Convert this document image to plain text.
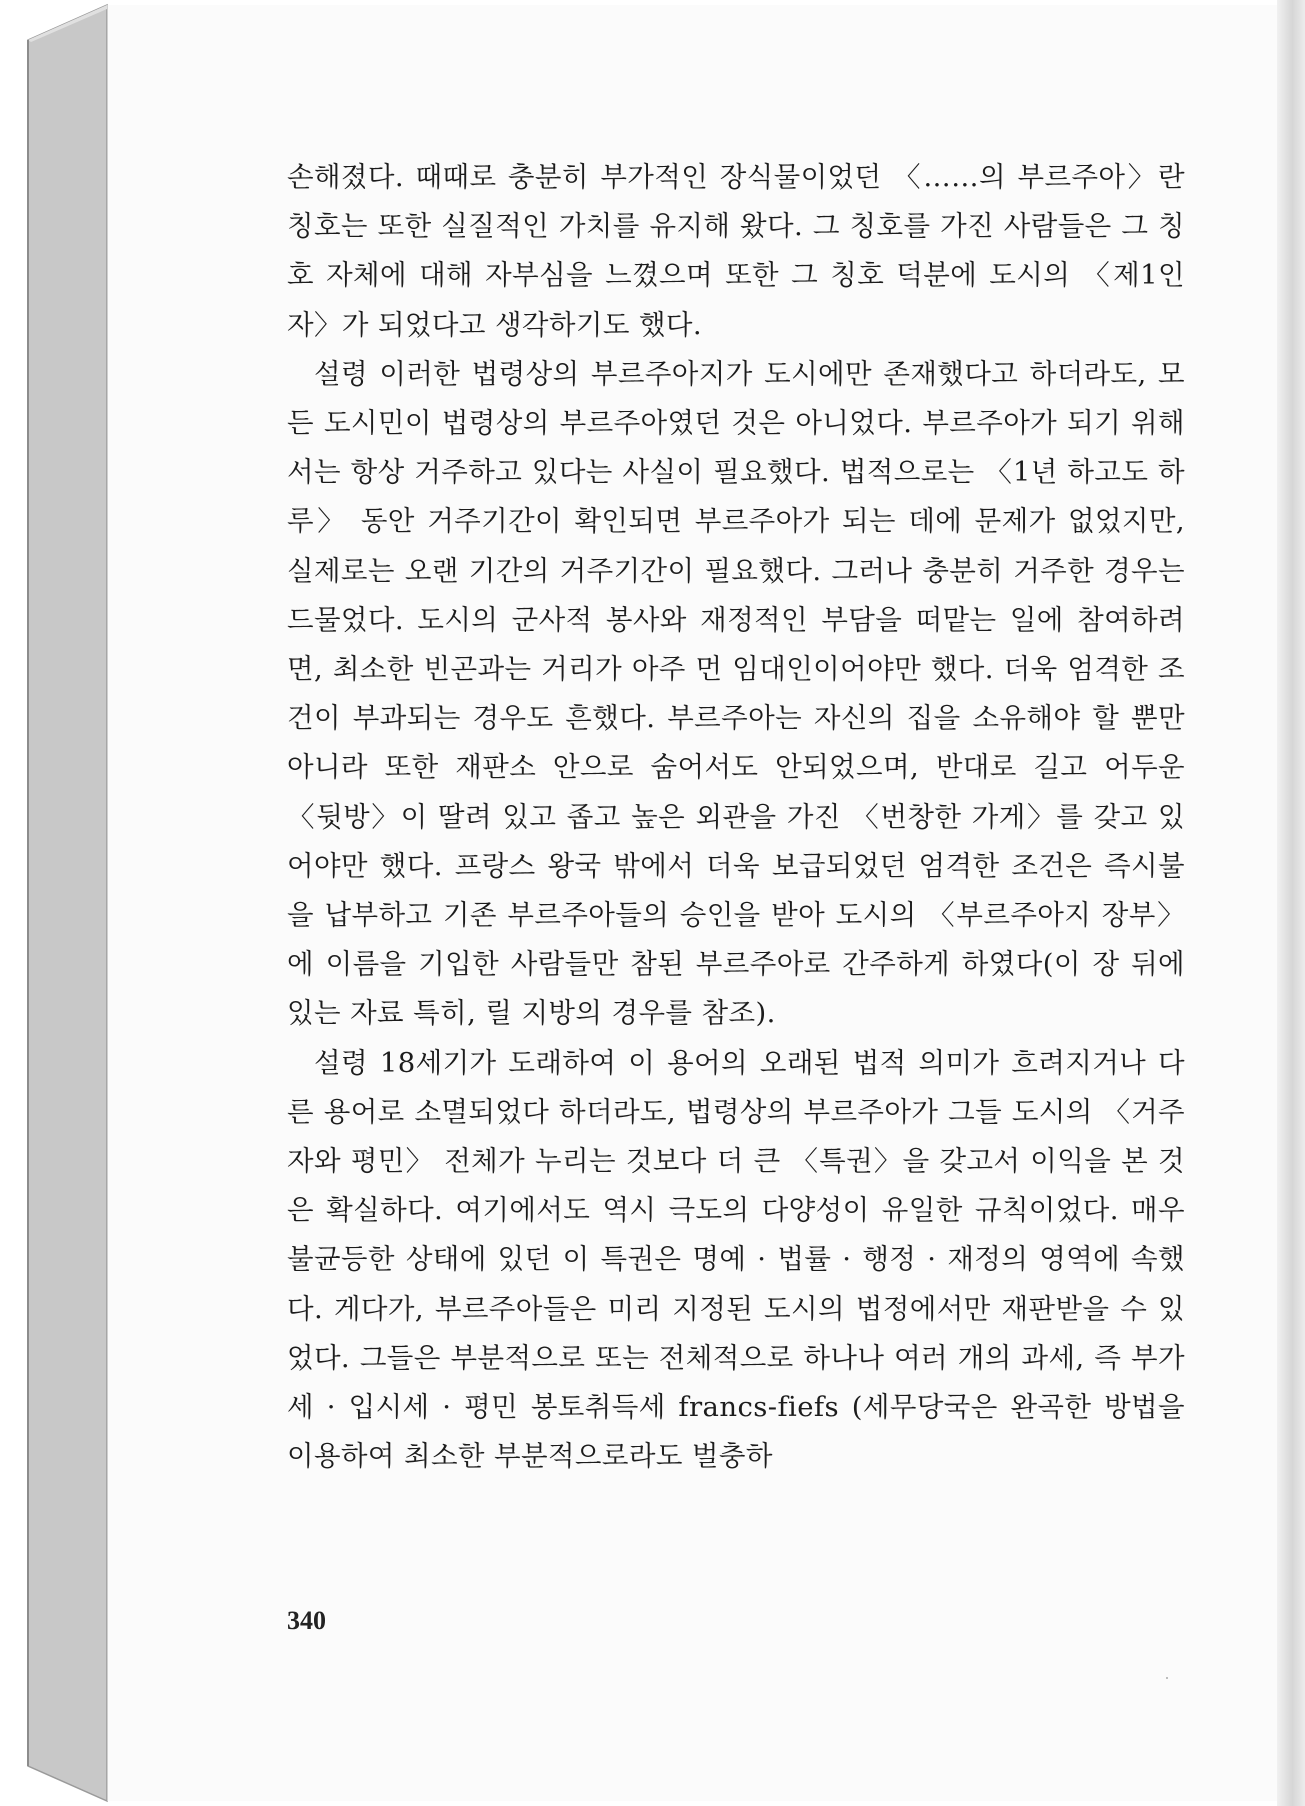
손해졌다. 때때로 충분히 부가적인 장식물이었던 〈……의 부르주아〉란 칭호는 또한 실질적인 가치를 유지해 왔다. 그 칭호를 가진 사람들은 그 칭호 자체에 대해 자부심을 느꼈으며 또한 그 칭호 덕분에 도시의 〈제1인자〉가 되었다고 생각하기도 했다.

설령 이러한 법령상의 부르주아지가 도시에만 존재했다고 하더라도, 모든 도시민이 법령상의 부르주아였던 것은 아니었다. 부르주아가 되기 위해서는 항상 거주하고 있다는 사실이 필요했다. 법적으로는 〈1년 하고도 하루〉 동안 거주기간이 확인되면 부르주아가 되는 데에 문제가 없었지만, 실제로는 오랜 기간의 거주기간이 필요했다. 그러나 충분히 거주한 경우는 드물었다. 도시의 군사적 봉사와 재정적인 부담을 떠맡는 일에 참여하려면, 최소한 빈곤과는 거리가 아주 먼 임대인이어야만 했다. 더욱 엄격한 조건이 부과되는 경우도 흔했다. 부르주아는 자신의 집을 소유해야 할 뿐만 아니라 또한 재판소 안으로 숨어서도 안되었으며, 반대로 길고 어두운 〈뒷방〉이 딸려 있고 좁고 높은 외관을 가진 〈번창한 가게〉를 갖고 있어야만 했다. 프랑스 왕국 밖에서 더욱 보급되었던 엄격한 조건은 즉시불을 납부하고 기존 부르주아들의 승인을 받아 도시의 〈부르주아지 장부〉에 이름을 기입한 사람들만 참된 부르주아로 간주하게 하였다(이 장 뒤에 있는 자료 특히, 릴 지방의 경우를 참조).

설령 18세기가 도래하여 이 용어의 오래된 법적 의미가 흐려지거나 다른 용어로 소멸되었다 하더라도, 법령상의 부르주아가 그들 도시의 〈거주자와 평민〉 전체가 누리는 것보다 더 큰 〈특권〉을 갖고서 이익을 본 것은 확실하다. 여기에서도 역시 극도의 다양성이 유일한 규칙이었다. 매우 불균등한 상태에 있던 이 특권은 명예 · 법률 · 행정 · 재정의 영역에 속했다. 게다가, 부르주아들은 미리 지정된 도시의 법정에서만 재판받을 수 있었다. 그들은 부분적으로 또는 전체적으로 하나나 여러 개의 과세, 즉 부가세 · 입시세 · 평민 봉토취득세 francs-fiefs (세무당국은 완곡한 방법을 이용하여 최소한 부분적으로라도 벌충하

340
